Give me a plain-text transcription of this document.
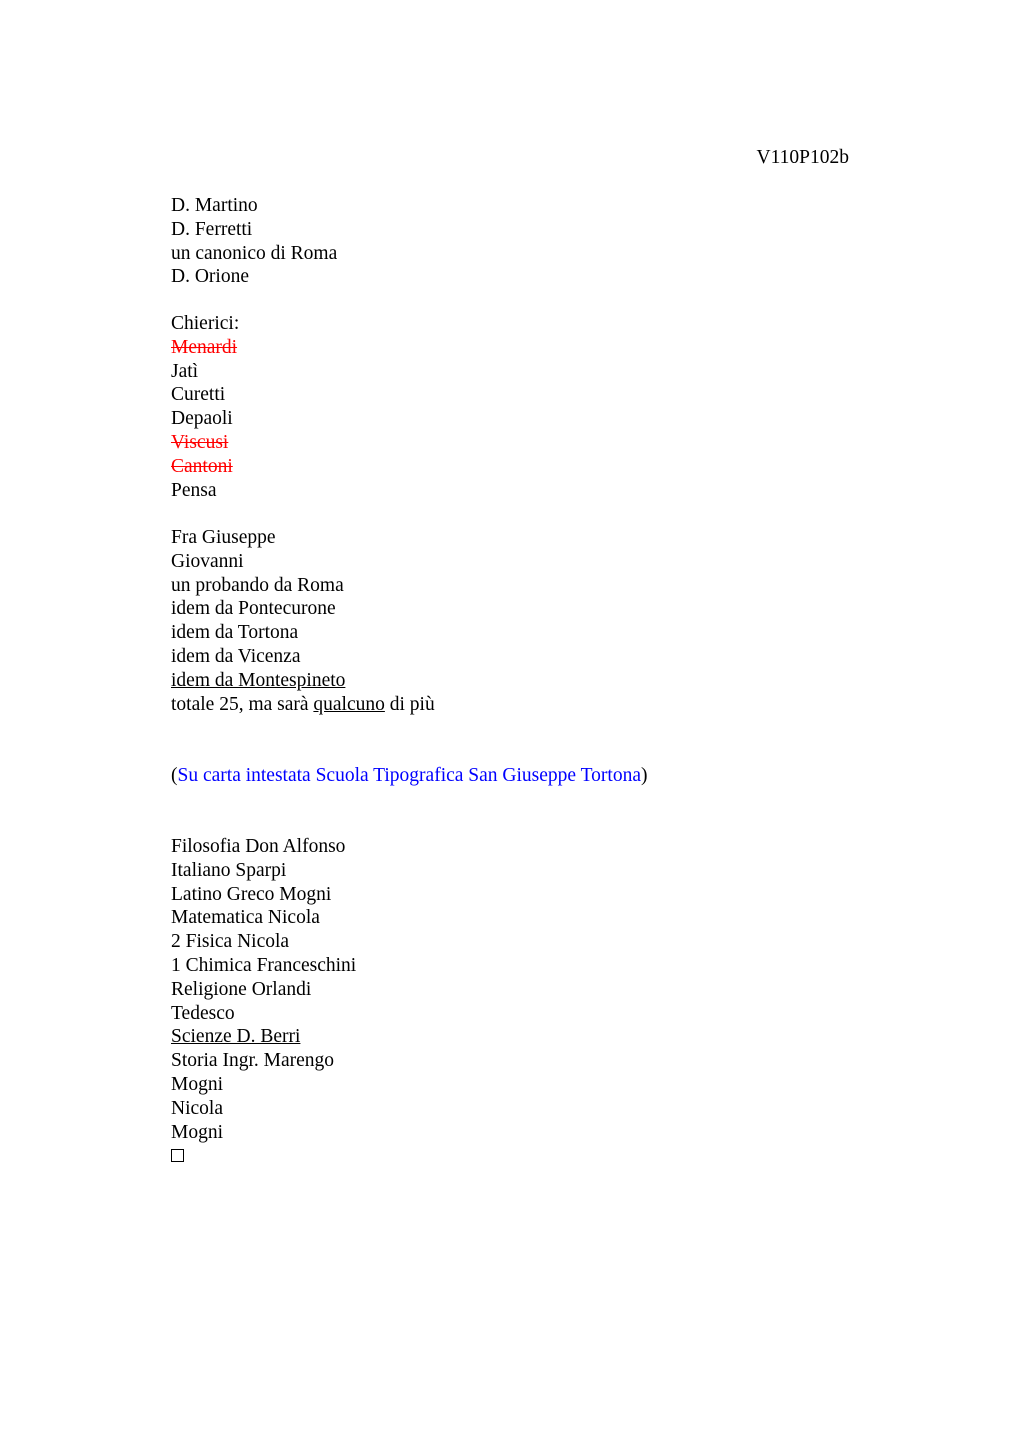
V110P102b

D. Martino
D. Ferretti
un canonico di Roma
D. Orione
Chierici:
Menardi
Jatì
Curetti
Depaoli
Viscusi
Cantoni
Pensa
Fra Giuseppe
Giovanni
un probando da Roma
idem da Pontecurone
idem da Tortona
idem da Vicenza
idem da Montespineto
totale 25, ma sarà qualcuno di più
(Su carta intestata Scuola Tipografica San Giuseppe Tortona)
Filosofia Don Alfonso
Italiano Sparpi
Latino Greco Mogni
Matematica Nicola
2 Fisica Nicola
1 Chimica Franceschini
Religione Orlandi
Tedesco
Scienze D. Berri
Storia Ingr. Marengo
Mogni
Nicola
Mogni
